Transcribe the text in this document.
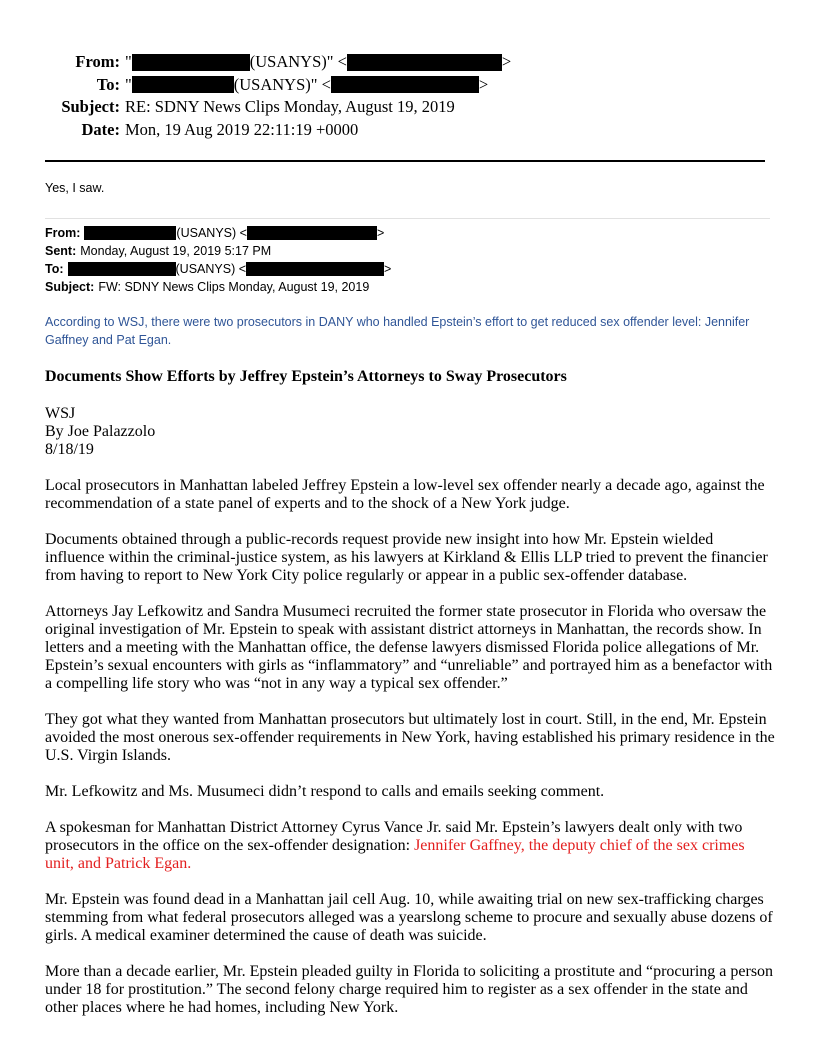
From: "	(USANYS)" <	>
To: "	(USANYS)" <	>
Subject: RE: SDNY News Clips Monday, August 19, 2019
Date: Mon, 19 Aug 2019 22:11:19 +0000
Yes, I saw.
From:	(USANYS) <	>
Sent: Monday, August 19, 2019 5:17 PM
To:	(USANYS) <	>
Subject: FW: SDNY News Clips Monday, August 19, 2019
According to WSJ, there were two prosecutors in DANY who handled Epstein’s effort to get reduced sex offender level: Jennifer Gaffney and Pat Egan.
Documents Show Efforts by Jeffrey Epstein’s Attorneys to Sway Prosecutors
WSJ
By Joe Palazzolo
8/18/19

Local prosecutors in Manhattan labeled Jeffrey Epstein a low-level sex offender nearly a decade ago, against the recommendation of a state panel of experts and to the shock of a New York judge.

Documents obtained through a public-records request provide new insight into how Mr. Epstein wielded influence within the criminal-justice system, as his lawyers at Kirkland & Ellis LLP tried to prevent the financier from having to report to New York City police regularly or appear in a public sex-offender database.

Attorneys Jay Lefkowitz and Sandra Musumeci recruited the former state prosecutor in Florida who oversaw the original investigation of Mr. Epstein to speak with assistant district attorneys in Manhattan, the records show. In letters and a meeting with the Manhattan office, the defense lawyers dismissed Florida police allegations of Mr. Epstein’s sexual encounters with girls as “inflammatory” and “unreliable” and portrayed him as a benefactor with a compelling life story who was “not in any way a typical sex offender.”

They got what they wanted from Manhattan prosecutors but ultimately lost in court. Still, in the end, Mr. Epstein avoided the most onerous sex-offender requirements in New York, having established his primary residence in the U.S. Virgin Islands.

Mr. Lefkowitz and Ms. Musumeci didn’t respond to calls and emails seeking comment.

A spokesman for Manhattan District Attorney Cyrus Vance Jr. said Mr. Epstein’s lawyers dealt only with two prosecutors in the office on the sex-offender designation: Jennifer Gaffney, the deputy chief of the sex crimes unit, and Patrick Egan.

Mr. Epstein was found dead in a Manhattan jail cell Aug. 10, while awaiting trial on new sex-trafficking charges stemming from what federal prosecutors alleged was a yearslong scheme to procure and sexually abuse dozens of girls. A medical examiner determined the cause of death was suicide.

More than a decade earlier, Mr. Epstein pleaded guilty in Florida to soliciting a prostitute and “procuring a person under 18 for prostitution.” The second felony charge required him to register as a sex offender in the state and other places where he had homes, including New York.
